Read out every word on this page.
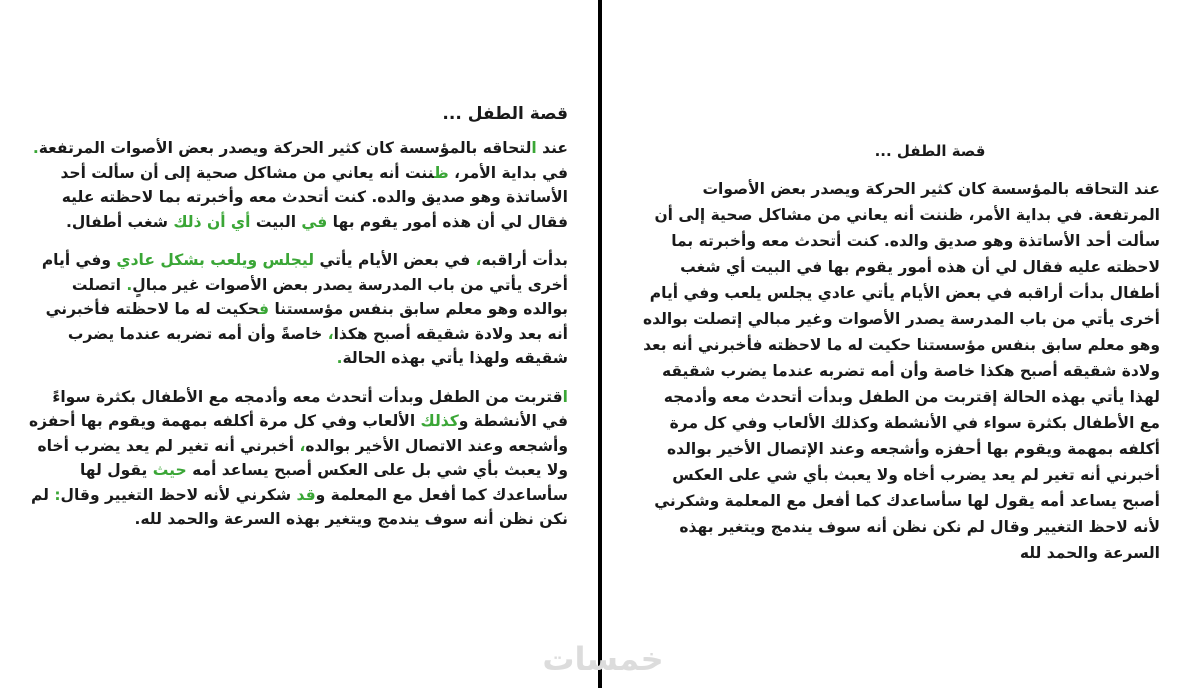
قصة الطفل ...

عند التحاقه بالمؤسسة كان كثير الحركة ويصدر بعض الأصوات المرتفعة. في بداية الأمر، ظننت أنه يعاني من مشاكل صحية إلى أن سألت أحد الأساتذة وهو صديق والده. كنت أتحدث معه وأخبرته بما لاحظته عليه فقال لي أن هذه أمور يقوم بها في البيت أي أن ذلك شغب أطفال.

بدأت أراقبه، في بعض الأيام يأتي ليجلس ويلعب بشكل عادي وفي أيام أخرى يأتي من باب المدرسة يصدر بعض الأصوات غير مبالٍ. اتصلت بوالده وهو معلم سابق بنفس مؤسستنا فحكيت له ما لاحظته فأخبرني أنه بعد ولادة شقيقه أصبح هكذا، خاصة وأن أمه تضربه عندما يضرب شقيقه ولهذا يأتي بهذه الحالة.

اقتربت من الطفل وبدأت أتحدث معه وأدمجه مع الأطفال بكثرة سواء في الأنشطة وكذلك الألعاب وفي كل مرة أكلفه بمهمة ويقوم بها أحفزه وأشجعه وعند الاتصال الأخير بوالده، أخبرني أنه تغير لم يعد يضرب أخاه ولا يعبث بأي شي بل على العكس أصبح يساعد أمه حيث يقول لها سأساعدك كما أفعل مع المعلمة وقد شكرني لأنه لاحظ التغيير وقال: لم نكن نظن أنه سوف يندمج ويتغير بهذه السرعة والحمد لله.

قصة الطفل ...

عند التحاقه بالمؤسسة كان كثير الحركة ويصدر بعض الأصوات المرتفعة. في بداية الأمر، ظننت أنه يعاني من مشاكل صحية إلى أن سألت أحد الأساتذة وهو صديق والده. كنت أتحدث معه وأخبرته بما لاحظته عليه فقال لي أن هذه أمور يقوم بها في البيت أي شغب أطفال بدأت أراقبه في بعض الأيام يأتي عادي يجلس يلعب وفي أيام أخرى يأتي من باب المدرسة يصدر الأصوات وغير مبالي إتصلت بوالده وهو معلم سابق بنفس مؤسستنا حكيت له ما لاحظته فأخبرني أنه بعد ولادة شقيقه أصبح هكذا خاصة وأن أمه تضربه عندما يضرب شقيقه لهذا يأتي بهذه الحالة إقتربت من الطفل وبدأت أتحدث معه وأدمجه مع الأطفال بكثرة سواء في الأنشطة وكذلك الألعاب وفي كل مرة أكلفه بمهمة ويقوم بها أحفزه وأشجعه وعند الإتصال الأخير بوالده أخبرني أنه تغير لم يعد يضرب أخاه ولا يعبث بأي شي على العكس أصبح يساعد أمه يقول لها سأساعدك كما أفعل مع المعلمة وشكرني لأنه لاحظ التغيير وقال لم نكن نظن أنه سوف يندمج ويتغير بهذه السرعة والحمد لله

خمسات
